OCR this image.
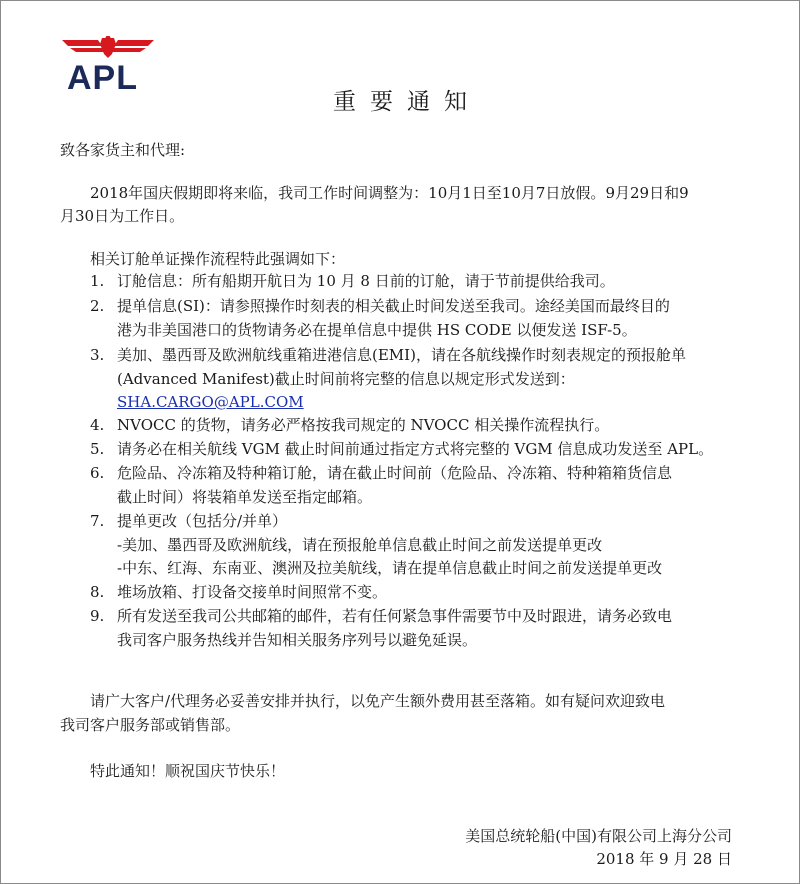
APL
重要通知
致各家货主和代理:
2018年国庆假期即将来临，我司工作时间调整为：10月1日至10月7日放假。9月29日和9
月30日为工作日。
相关订舱单证操作流程特此强调如下：
1. 订舱信息：所有船期开航日为 10 月 8 日前的订舱，请于节前提供给我司。
2. 提单信息(SI)：请参照操作时刻表的相关截止时间发送至我司。途经美国而最终目的
港为非美国港口的货物请务必在提单信息中提供 HS CODE 以便发送 ISF-5。
3. 美加、墨西哥及欧洲航线重箱进港信息(EMI)，请在各航线操作时刻表规定的预报舱单
(Advanced Manifest)截止时间前将完整的信息以规定形式发送到：
SHA.CARGO@APL.COM
4. NVOCC 的货物，请务必严格按我司规定的 NVOCC 相关操作流程执行。
5. 请务必在相关航线 VGM 截止时间前通过指定方式将完整的 VGM 信息成功发送至 APL。
6. 危险品、冷冻箱及特种箱订舱，请在截止时间前（危险品、冷冻箱、特种箱箱货信息
截止时间）将装箱单发送至指定邮箱。
7. 提单更改（包括分/并单）
-美加、墨西哥及欧洲航线，请在预报舱单信息截止时间之前发送提单更改
-中东、红海、东南亚、澳洲及拉美航线，请在提单信息截止时间之前发送提单更改
8. 堆场放箱、打设备交接单时间照常不变。
9. 所有发送至我司公共邮箱的邮件，若有任何紧急事件需要节中及时跟进，请务必致电
我司客户服务热线并告知相关服务序列号以避免延误。
请广大客户/代理务必妥善安排并执行，以免产生额外费用甚至落箱。如有疑问欢迎致电
我司客户服务部或销售部。
特此通知！顺祝国庆节快乐！
美国总统轮船(中国)有限公司上海分公司
2018 年 9 月 28 日
